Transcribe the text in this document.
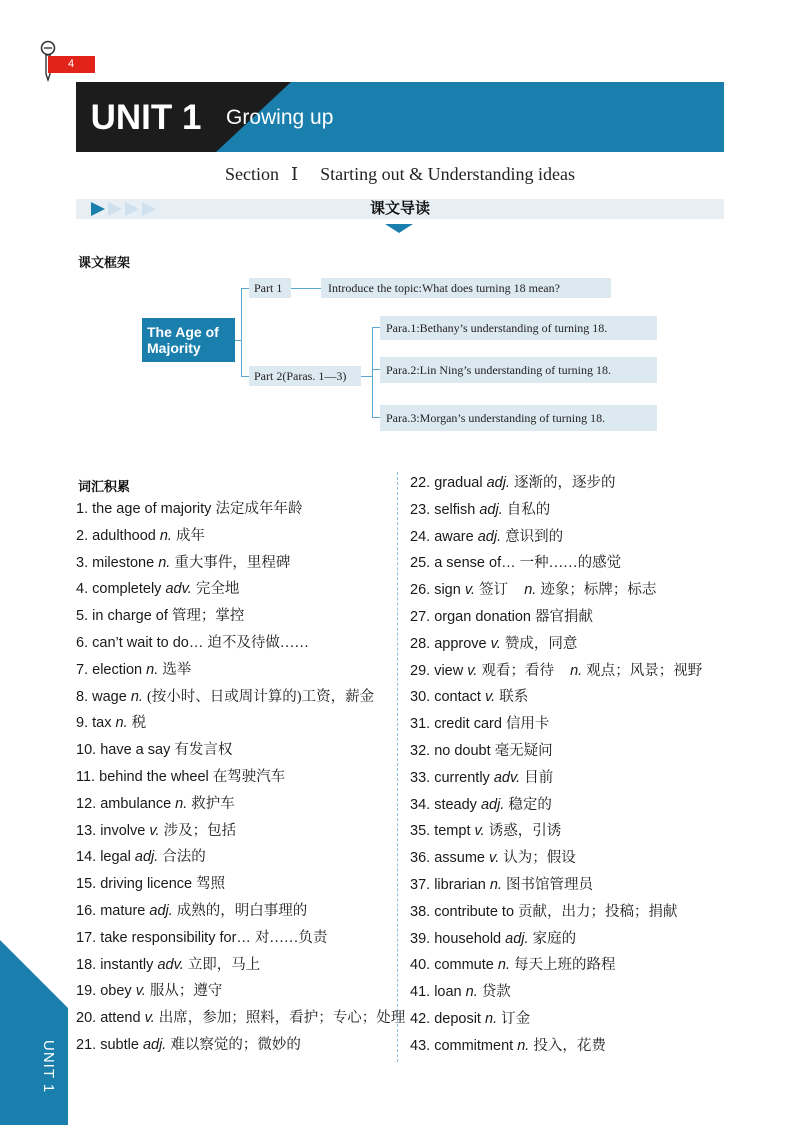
4
UNIT 1	Growing up
Section Ⅰ Starting out & Understanding ideas
课文导读
课文框架
The Age of Majority
Part 1	Introduce the topic:What does turning 18 mean?
Part 2(Paras. 1—3)
Para.1:Bethany’s understanding of turning 18.
Para.2:Lin Ning’s understanding of turning 18.
Para.3:Morgan’s understanding of turning 18.
词汇积累
1. the age of majority 法定成年年龄
2. adulthood n. 成年
3. milestone n. 重大事件，里程碑
4. completely adv. 完全地
5. in charge of 管理；掌控
6. can’t wait to do… 迫不及待做……
7. election n. 选举
8. wage n. (按小时、日或周计算的)工资，薪金
9. tax n. 税
10. have a say 有发言权
11. behind the wheel 在驾驶汽车
12. ambulance n. 救护车
13. involve v. 涉及；包括
14. legal adj. 合法的
15. driving licence 驾照
16. mature adj. 成熟的，明白事理的
17. take responsibility for… 对……负责
18. instantly adv. 立即，马上
19. obey v. 服从；遵守
20. attend v. 出席，参加；照料，看护；专心；处理
21. subtle adj. 难以察觉的；微妙的
22. gradual adj. 逐渐的，逐步的
23. selfish adj. 自私的
24. aware adj. 意识到的
25. a sense of… 一种……的感觉
26. sign v. 签订 n. 迹象；标牌；标志
27. organ donation 器官捐献
28. approve v. 赞成，同意
29. view v. 观看；看待 n. 观点；风景；视野
30. contact v. 联系
31. credit card 信用卡
32. no doubt 毫无疑问
33. currently adv. 目前
34. steady adj. 稳定的
35. tempt v. 诱惑，引诱
36. assume v. 认为；假设
37. librarian n. 图书馆管理员
38. contribute to 贡献，出力；投稿；捐献
39. household adj. 家庭的
40. commute n. 每天上班的路程
41. loan n. 贷款
42. deposit n. 订金
43. commitment n. 投入，花费
UNIT 1
